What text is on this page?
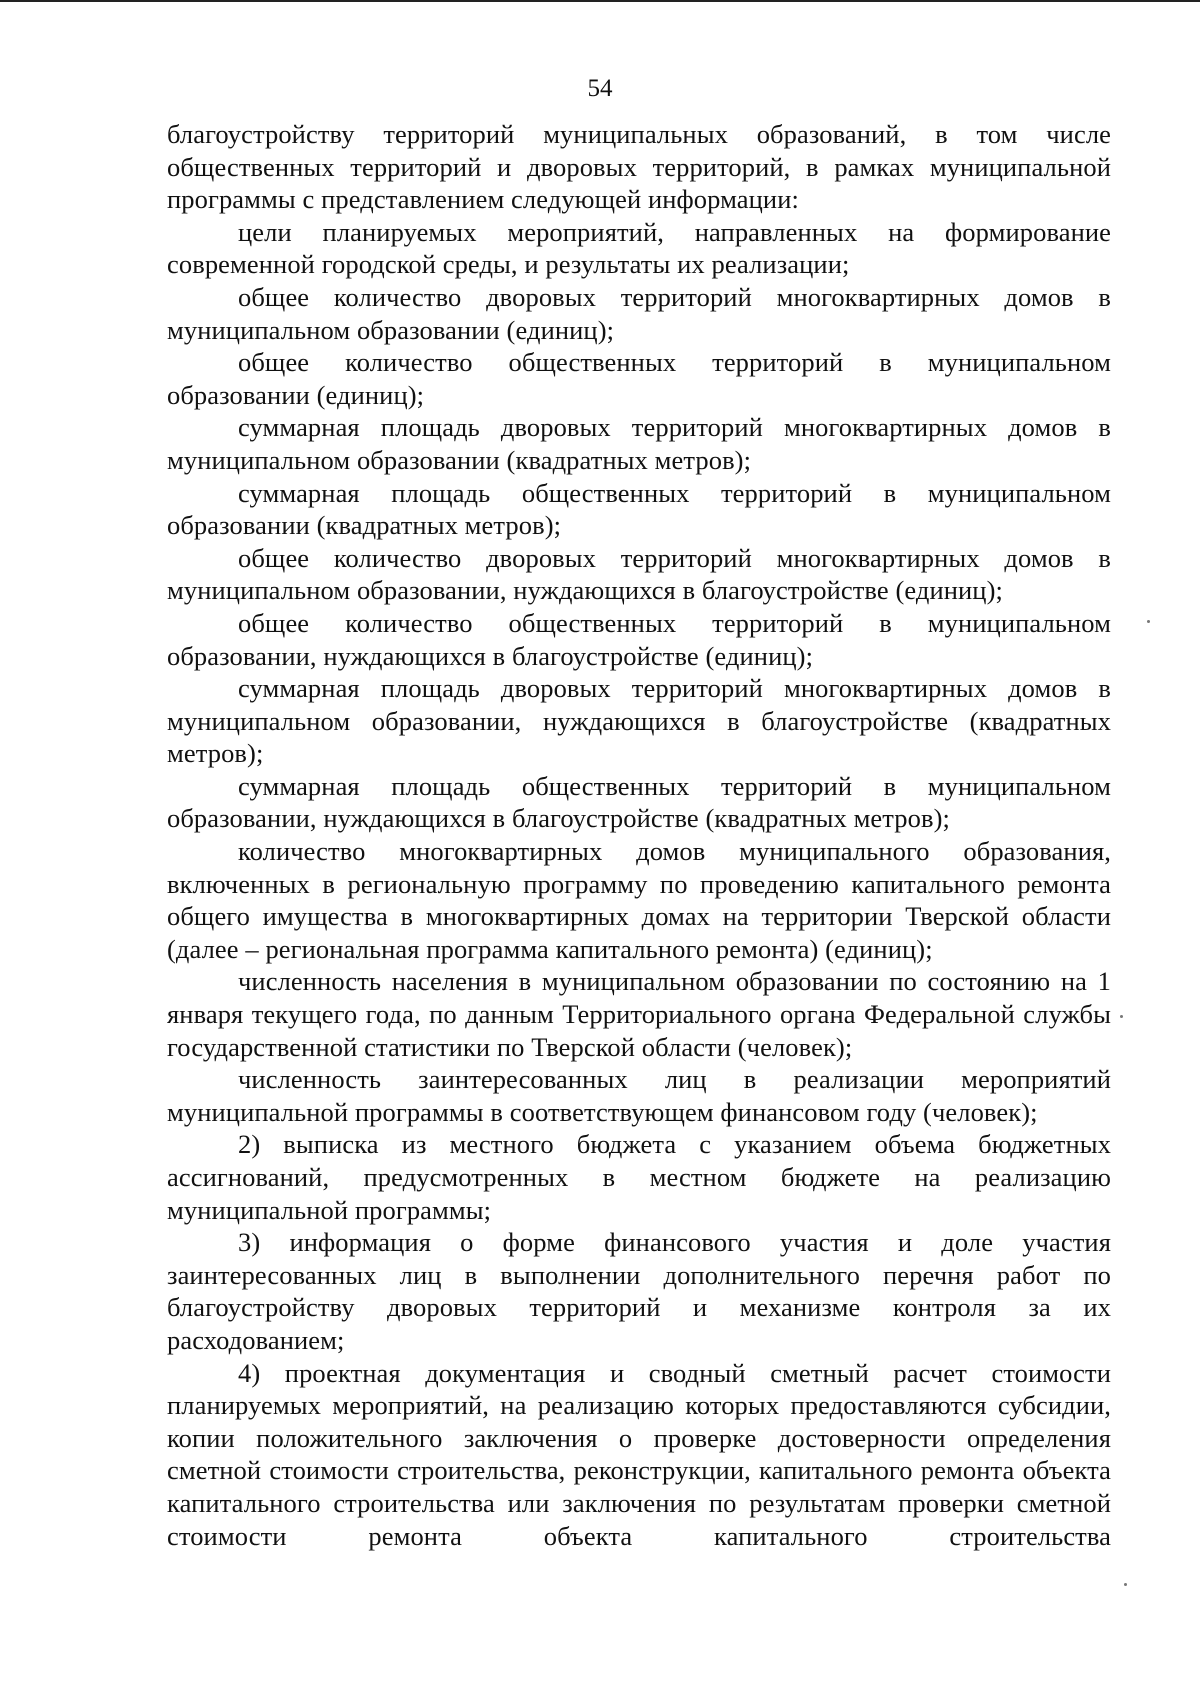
54

благоустройству территорий муниципальных образований, в том числе общественных территорий и дворовых территорий, в рамках муниципальной программы с представлением следующей информации:

цели планируемых мероприятий, направленных на формирование современной городской среды, и результаты их реализации;

общее количество дворовых территорий многоквартирных домов в муниципальном образовании (единиц);

общее количество общественных территорий в муниципальном образовании (единиц);

суммарная площадь дворовых территорий многоквартирных домов в муниципальном образовании (квадратных метров);

суммарная площадь общественных территорий в муниципальном образовании (квадратных метров);

общее количество дворовых территорий многоквартирных домов в муниципальном образовании, нуждающихся в благоустройстве (единиц);

общее количество общественных территорий в муниципальном образовании, нуждающихся в благоустройстве (единиц);

суммарная площадь дворовых территорий многоквартирных домов в муниципальном образовании, нуждающихся в благоустройстве (квадратных метров);

суммарная площадь общественных территорий в муниципальном образовании, нуждающихся в благоустройстве (квадратных метров);

количество многоквартирных домов муниципального образования, включенных в региональную программу по проведению капитального ремонта общего имущества в многоквартирных домах на территории Тверской области (далее – региональная программа капитального ремонта) (единиц);

численность населения в муниципальном образовании по состоянию на 1 января текущего года, по данным Территориального органа Федеральной службы государственной статистики по Тверской области (человек);

численность заинтересованных лиц в реализации мероприятий муниципальной программы в соответствующем финансовом году (человек);

2) выписка из местного бюджета с указанием объема бюджетных ассигнований, предусмотренных в местном бюджете на реализацию муниципальной программы;

3) информация о форме финансового участия и доле участия заинтересованных лиц в выполнении дополнительного перечня работ по благоустройству дворовых территорий и механизме контроля за их расходованием;

4) проектная документация и сводный сметный расчет стоимости планируемых мероприятий, на реализацию которых предоставляются субсидии, копии положительного заключения о проверке достоверности определения сметной стоимости строительства, реконструкции, капитального ремонта объекта капитального строительства или заключения по результатам проверки сметной стоимости ремонта объекта капитального строительства
